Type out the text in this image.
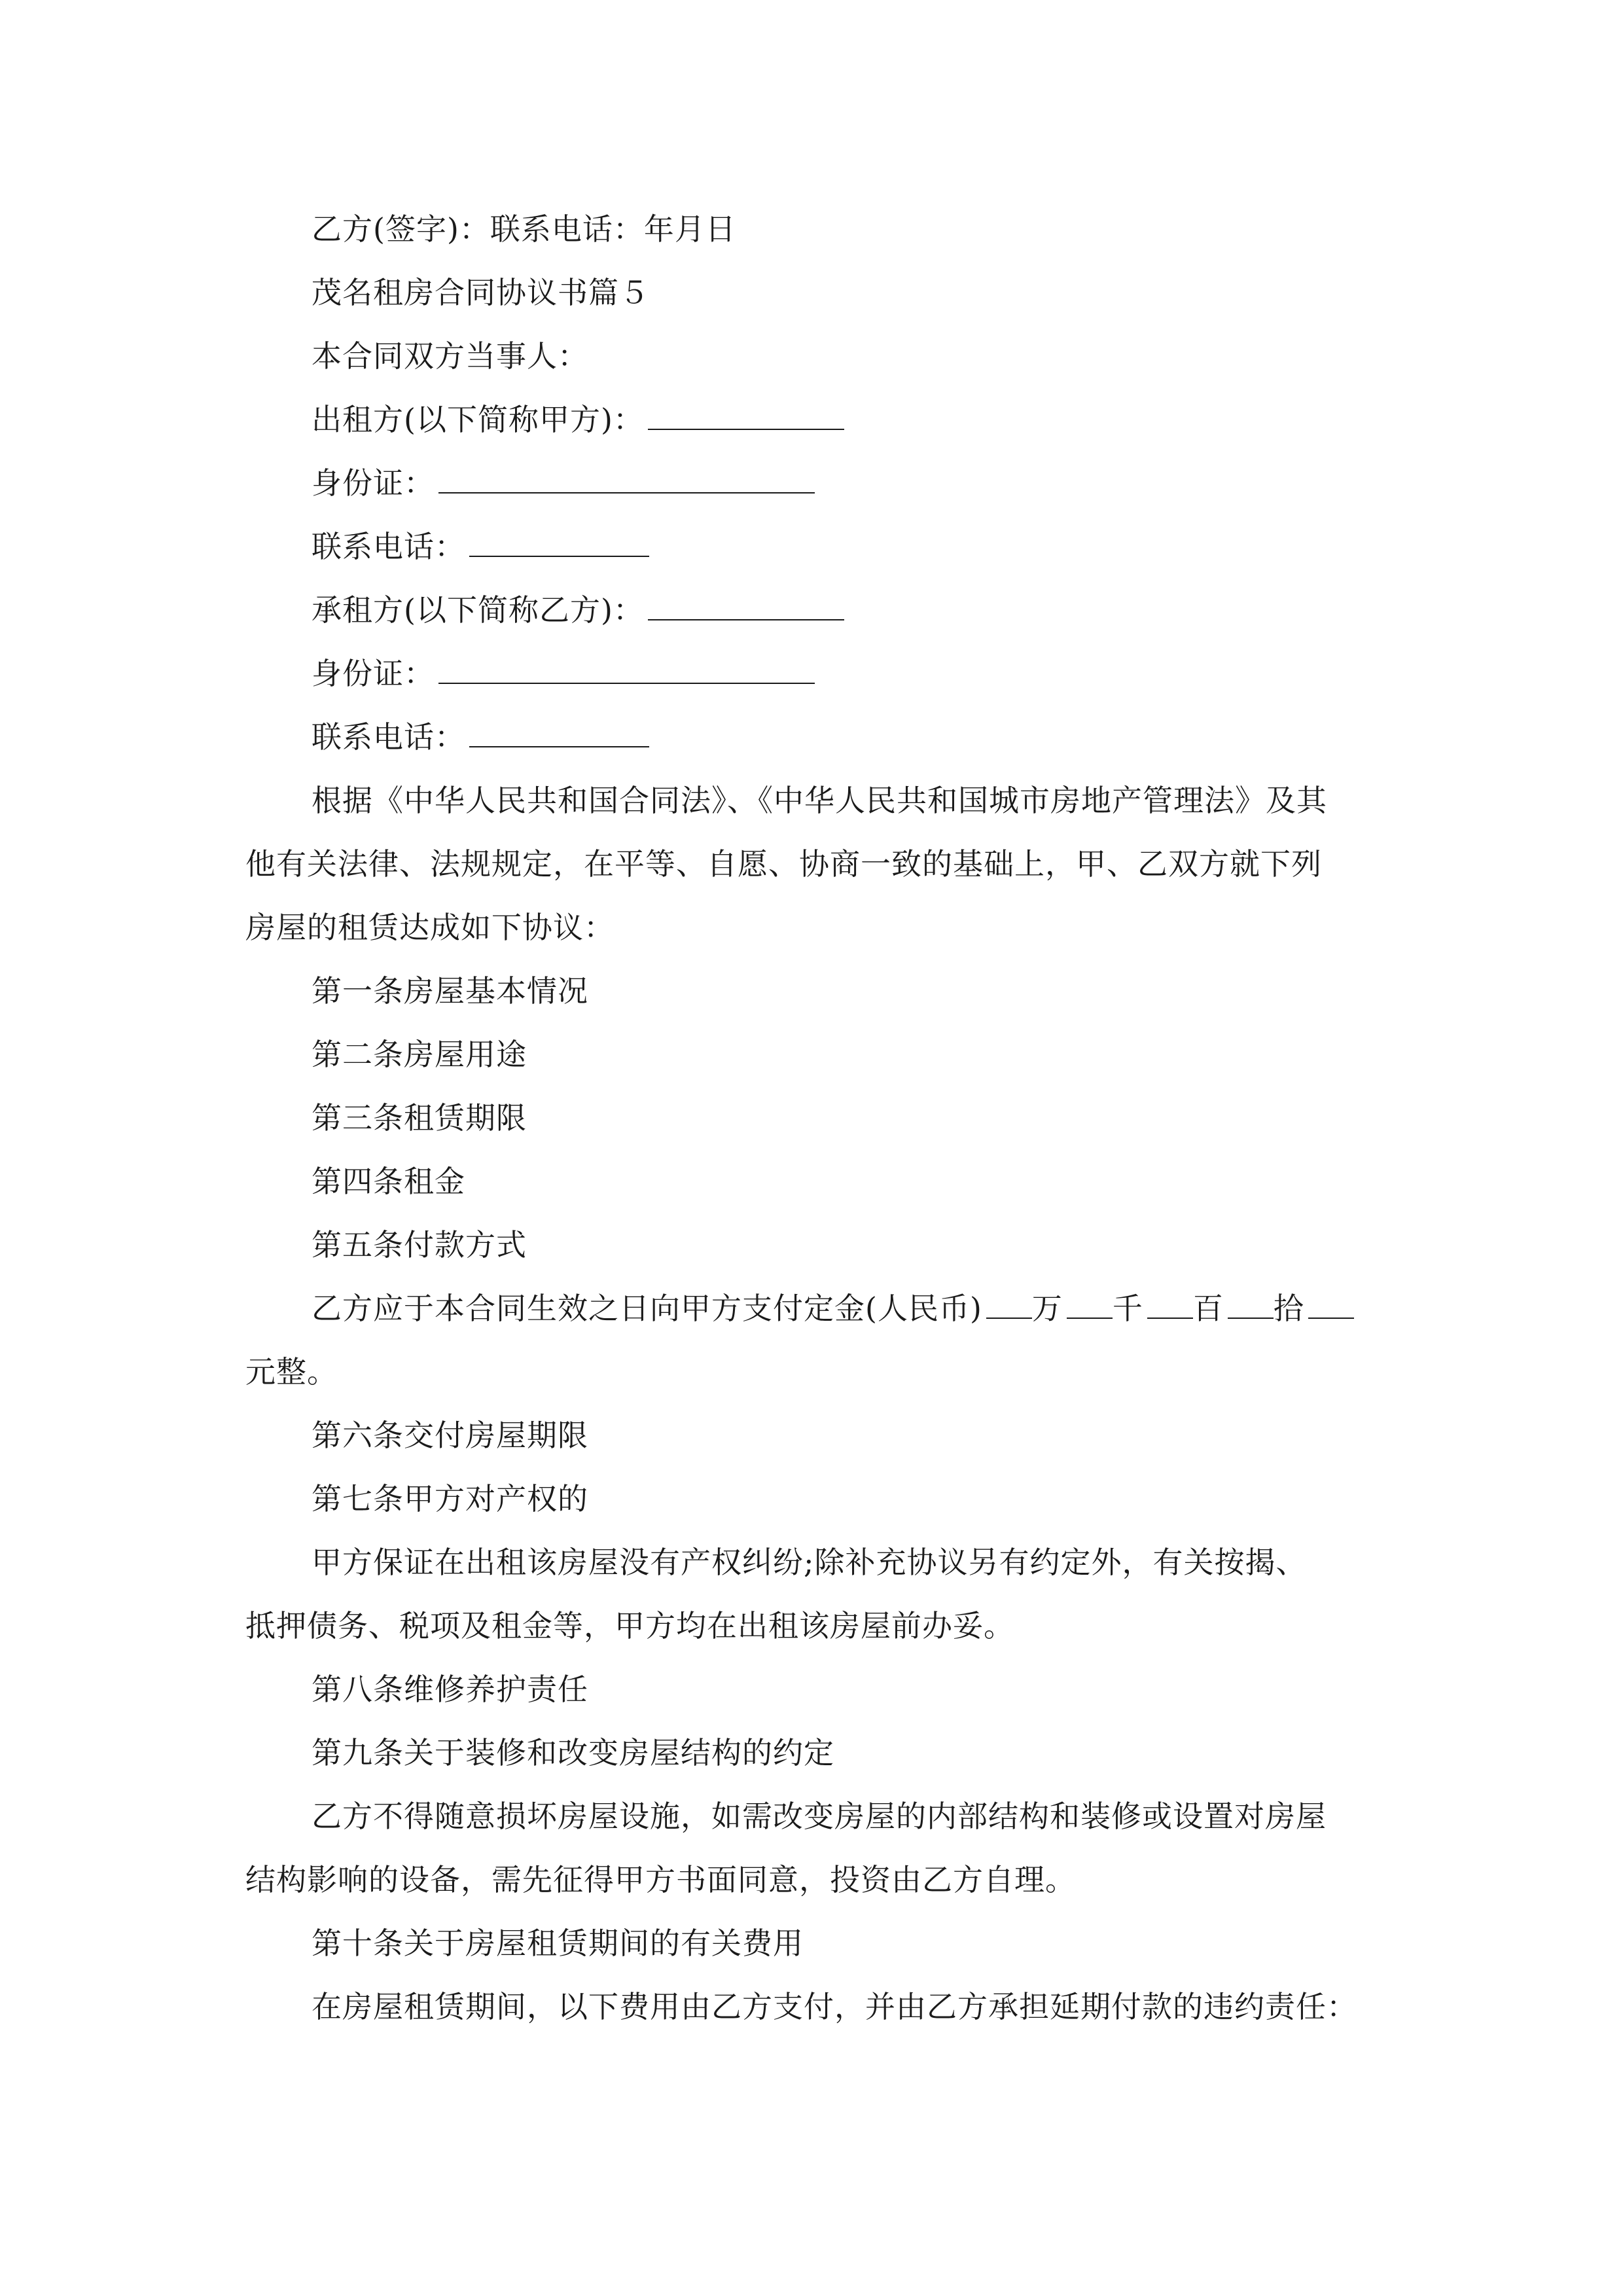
乙方(签字)：联系电话：年月日
茂名租房合同协议书篇５
本合同双方当事人：
出租方(以下简称甲方)：
身份证：
联系电话：
承租方(以下简称乙方)：
身份证：
联系电话：
根据《中华人民共和国合同法》、《中华人民共和国城市房地产管理法》及其
他有关法律、法规规定，在平等、自愿、协商一致的基础上，甲、乙双方就下列
房屋的租赁达成如下协议：
第一条房屋基本情况
第二条房屋用途
第三条租赁期限
第四条租金
第五条付款方式
乙方应于本合同生效之日向甲方支付定金(人民币) 万 千 百 拾
元整。
第六条交付房屋期限
第七条甲方对产权的
甲方保证在出租该房屋没有产权纠纷;除补充协议另有约定外，有关按揭、
抵押债务、税项及租金等，甲方均在出租该房屋前办妥。
第八条维修养护责任
第九条关于装修和改变房屋结构的约定
乙方不得随意损坏房屋设施，如需改变房屋的内部结构和装修或设置对房屋
结构影响的设备，需先征得甲方书面同意，投资由乙方自理。
第十条关于房屋租赁期间的有关费用
在房屋租赁期间，以下费用由乙方支付，并由乙方承担延期付款的违约责任：
